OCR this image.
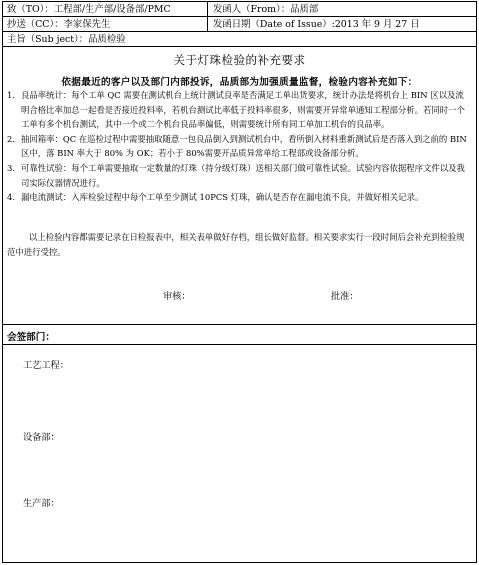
致（TO）：工程部/生产部/设备部/PMC	发函人（From）：品质部
抄送（CC）：李家保先生	发函日期（Date of Issue）:2013 年 9 月 27 日
主旨（Sub ject）：品质检验
关于灯珠检验的补充要求
依据最近的客户以及部门内部投诉，品质部为加强质量监督，检验内容补充如下：

1. 良品率统计：每个工单 QC 需要在测试机台上统计测试良率是否满足工单出货要求，统计办法是将机台上 BIN 区以及流明合格比率加总一起看是否接近投料率，若机台测试比率低于投料率很多，则需要开异常单通知工程部分析。若同时一个工单有多个机台测试，其中一个或二个机台良品率偏低，则需要统计所有同工单加工机台的良品率。

2. 抽回箱率：QC 在巡检过程中需要抽取随意一包良品倒入到测试机台中，看所倒入材料重新测试后是否落入到之前的 BIN 区中，落 BIN 率大于 80% 为 OK；若小于 80%需要开品质异常单给工程部或设备部分析。

3. 可靠性试验：每个工单需要抽取一定数量的灯珠（持分级灯珠）送相关部门做可靠性试验。试验内容依据程序文件以及我司实际仪器情况进行。

4. 漏电流测试：入库检验过程中每个工单至少测试 10PCS 灯珠，确认是否存在漏电流不良，并做好相关记录。

以上检验内容都需要记录在日检报表中，相关表单做好存档，组长做好监督。相关要求实行一段时间后会补充到检验规范中进行受控。
审核：	批准：
会签部门：
工艺工程：
设备部：
生产部：
